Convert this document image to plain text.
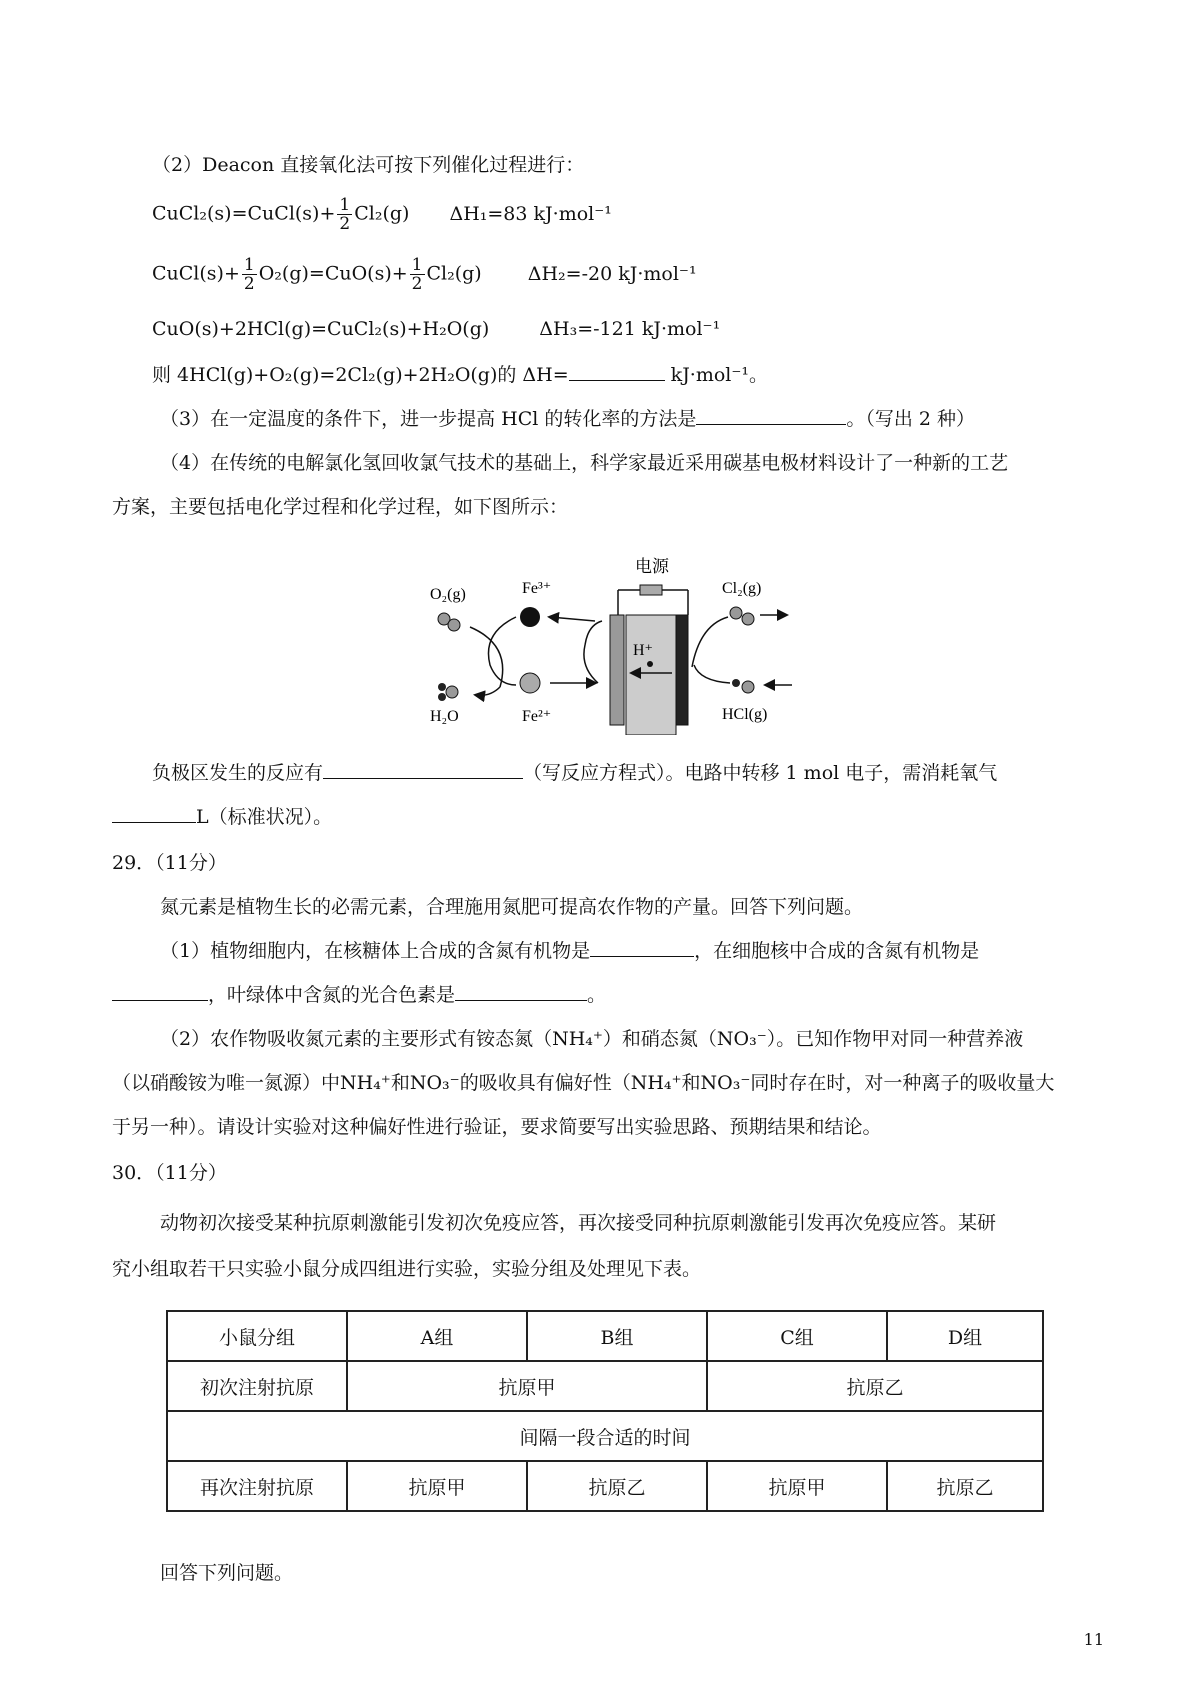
（2）Deacon 直接氧化法可按下列催化过程进行：
CuCl₂(s)=CuCl(s)+ $\frac{1}{2} Cl_2(g)$ ΔH₁=83 kJ·mol⁻¹
CuCl(s)+ $\frac{1}{2} O_2(g)=CuO(s)+ \frac{1}{2} Cl_2(g)$ ΔH₂=-20 kJ·mol⁻¹
CuO(s)+2HCl(g)=CuCl₂(s)+H₂O(g)	ΔH₃=-121 kJ·mol⁻¹
则 4HCl(g)+O₂(g)=2Cl₂(g)+2H₂O(g)的 ΔH=	kJ·mol⁻¹。
（3）在一定温度的条件下，进一步提高 HCl 的转化率的方法是	。（写出 2 种）
（4）在传统的电解氯化氢回收氯气技术的基础上，科学家最近采用碳基电极材料设计了一种新的工艺
方案，主要包括电化学过程和化学过程，如下图所示：
电源
H⁺
O₂(g)
H₂O
Fe³⁺
Fe²⁺
Cl₂(g)
HCl(g)
负极区发生的反应有	（写反应方程式）。电路中转移 1 mol 电子，需消耗氧气
L（标准状况）。
29．（11分）
氮元素是植物生长的必需元素，合理施用氮肥可提高农作物的产量。回答下列问题。
（1）植物细胞内，在核糖体上合成的含氮有机物是	，在细胞核中合成的含氮有机物是
，叶绿体中含氮的光合色素是	。
（2）农作物吸收氮元素的主要形式有铵态氮（NH₄⁺）和硝态氮（NO₃⁻）。已知作物甲对同一种营养液
（以硝酸铵为唯一氮源）中NH₄⁺和NO₃⁻的吸收具有偏好性（NH₄⁺和NO₃⁻同时存在时，对一种离子的吸收量大
于另一种）。请设计实验对这种偏好性进行验证，要求简要写出实验思路、预期结果和结论。
30．（11分）
动物初次接受某种抗原刺激能引发初次免疫应答，再次接受同种抗原刺激能引发再次免疫应答。某研
究小组取若干只实验小鼠分成四组进行实验，实验分组及处理见下表。
小鼠分组	A组	B组	C组	D组
初次注射抗原	抗原甲		抗原乙	
间隔一段合适的时间				
再次注射抗原	抗原甲	抗原乙	抗原甲	抗原乙
回答下列问题。
11
